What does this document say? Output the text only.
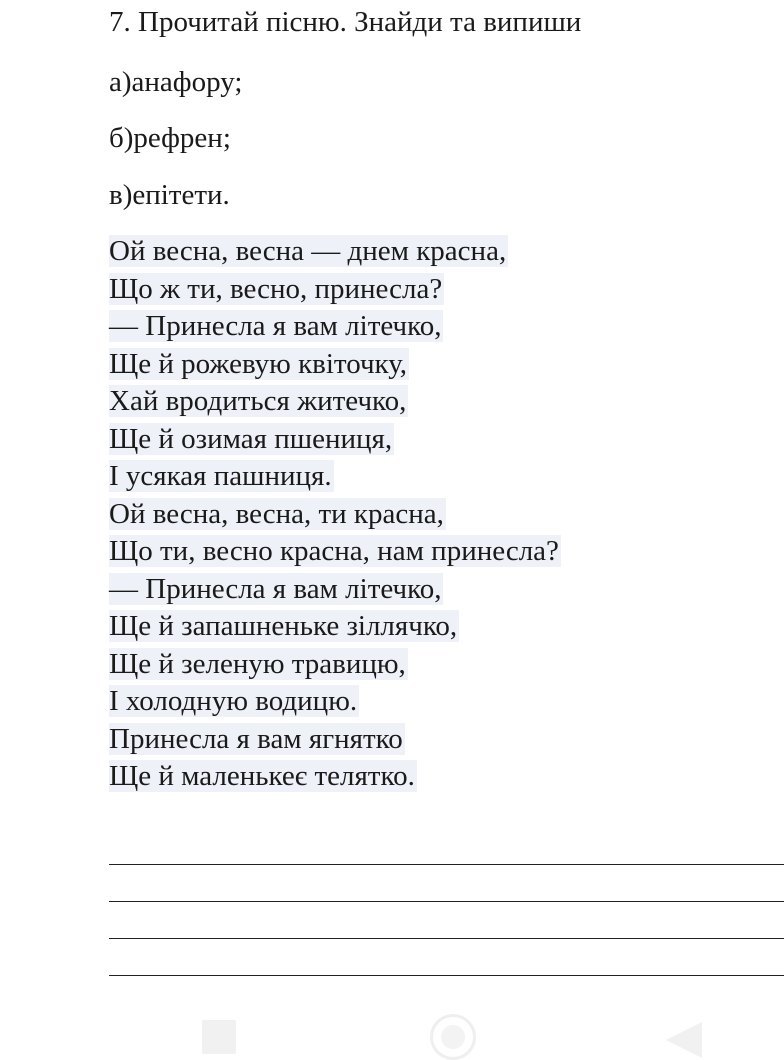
7. Прочитай пісню. Знайди та випиши
а)анафору;
б)рефрен;
в)епітети.
Ой весна, весна — днем красна,
Що ж ти, весно, принесла?
— Принесла я вам літечко,
Ще й рожевую квіточку,
Хай вродиться житечко,
Ще й озимая пшениця,
І усякая пашниця.
Ой весна, весна, ти красна,
Що ти, весно красна, нам принесла?
— Принесла я вам літечко,
Ще й запашненьке зіллячко,
Ще й зеленую травицю,
І холодную водицю.
Принесла я вам ягнятко
Ще й маленькеє телятко.
